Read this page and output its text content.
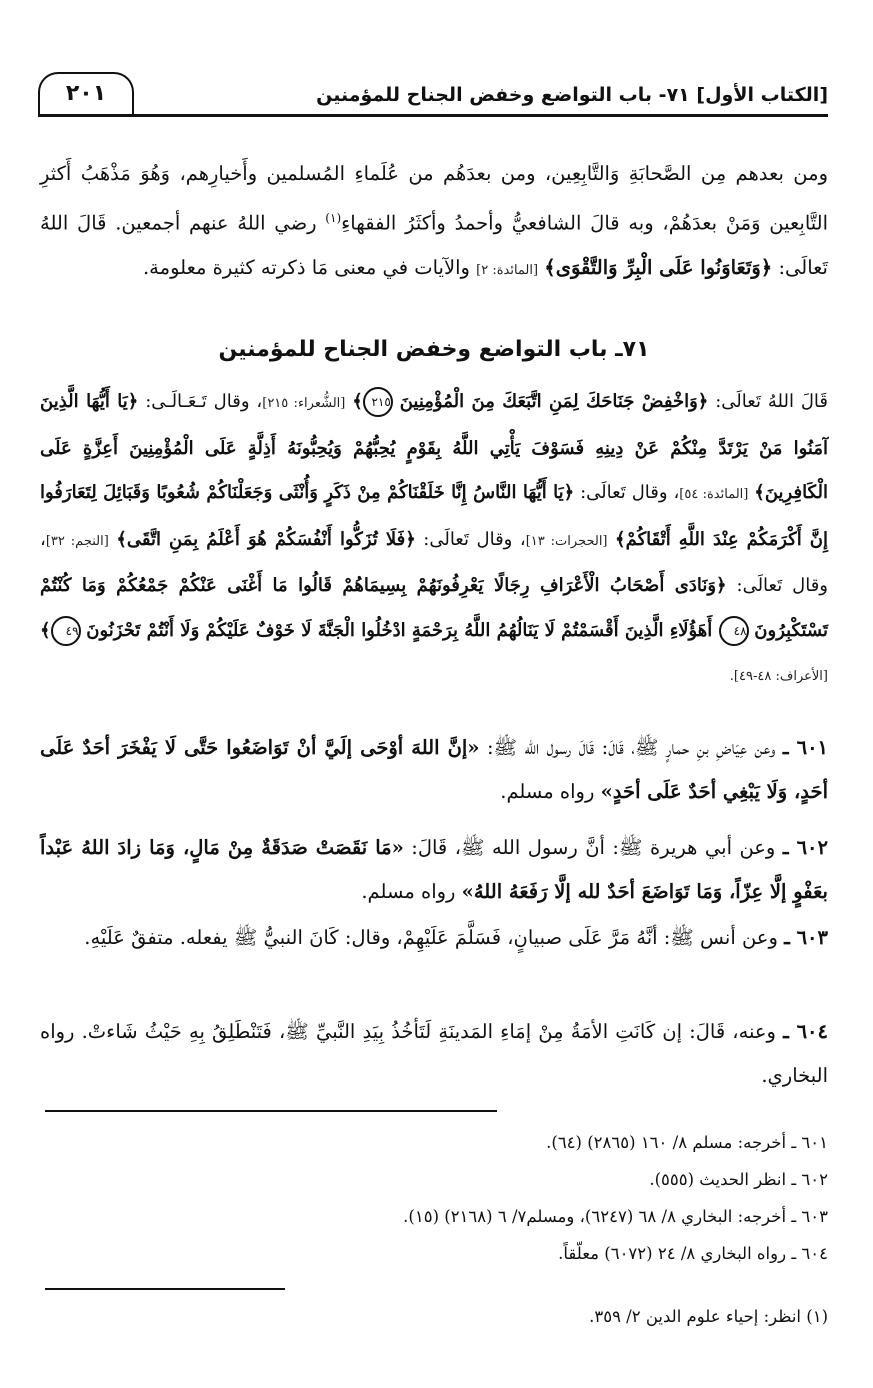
[الكتاب الأول] ٧١- باب التواضع وخفض الجناح للمؤمنين
٢٠١
ومن بعدهم مِن الصَّحابَةِ وَالتَّابِعِين، ومن بعدَهُم من عُلَماءِ المُسلمين وأَخيارِهم، وَهُوَ مَذْهَبُ أَكثرِ التَّابِعين وَمَنْ بعدَهُمْ، وبه قالَ الشافعيُّ وأحمدُ وأكثَرُ الفقهاءِ$^{(١)}$ رضي اللهُ عنهم أجمعين. قَالَ اللهُ تَعالَى: ﴿وَتَعَاوَنُوا عَلَى الْبِرِّ وَالتَّقْوَى﴾ [المائدة: ٢] والآيات في معنى مَا ذكرته كثيرة معلومة.
٧١ـ باب التواضع وخفض الجناح للمؤمنين
قَالَ اللهُ تَعالَى: ﴿وَاخْفِضْ جَنَاحَكَ لِمَنِ اتَّبَعَكَ مِنَ الْمُؤْمِنِينَ ٢١٥﴾ [الشُّعراء: ٢١٥]، وقال تَـعَـالَـى: ﴿يَا أَيُّهَا الَّذِينَ آمَنُوا مَنْ يَرْتَدَّ مِنْكُمْ عَنْ دِينِهِ فَسَوْفَ يَأْتِي اللَّهُ بِقَوْمٍ يُحِبُّهُمْ وَيُحِبُّونَهُ أَذِلَّةٍ عَلَى الْمُؤْمِنِينَ أَعِزَّةٍ عَلَى الْكَافِرِينَ﴾ [المائدة: ٥٤]، وقال تَعالَى: ﴿يَا أَيُّهَا النَّاسُ إِنَّا خَلَقْنَاكُمْ مِنْ ذَكَرٍ وَأُنْثَى وَجَعَلْنَاكُمْ شُعُوبًا وَقَبَائِلَ لِتَعَارَفُوا إِنَّ أَكْرَمَكُمْ عِنْدَ اللَّهِ أَتْقَاكُمْ﴾ [الحجرات: ١٣]، وقال تَعالَى: ﴿فَلَا تُزَكُّوا أَنْفُسَكُمْ هُوَ أَعْلَمُ بِمَنِ اتَّقَى﴾ [النجم: ٣٢]، وقال تَعالَى: ﴿وَنَادَى أَصْحَابُ الْأَعْرَافِ رِجَالًا يَعْرِفُونَهُمْ بِسِيمَاهُمْ قَالُوا مَا أَغْنَى عَنْكُمْ جَمْعُكُمْ وَمَا كُنْتُمْ تَسْتَكْبِرُونَ ٤٨ أَهَؤُلَاءِ الَّذِينَ أَقْسَمْتُمْ لَا يَنَالُهُمُ اللَّهُ بِرَحْمَةٍ ادْخُلُوا الْجَنَّةَ لَا خَوْفٌ عَلَيْكُمْ وَلَا أَنْتُمْ تَحْزَنُونَ ٤٩﴾ [الأعراف: ٤٨-٤٩].
٦٠١ ـ وعن عِيَاضِ بنِ حمارٍ ﷺ، قَالَ: قَالَ رسول الله ﷺ: «إنَّ اللهَ أوْحَى إلَيَّ أنْ تَوَاضَعُوا حَتَّى لَا يَفْخَرَ أحَدٌ عَلَى أحَدٍ، وَلَا يَبْغِي أحَدٌ عَلَى أحَدٍ» رواه مسلم.
٦٠٢ ـ وعن أبي هريرة ﷺ: أنَّ رسول الله ﷺ، قَالَ: «مَا نَقَصَتْ صَدَقَةٌ مِنْ مَالٍ، وَمَا زادَ اللهُ عَبْداً بعَفْوٍ إلَّا عِزّاً، وَمَا تَوَاضَعَ أحَدٌ لله إلَّا رَفَعَهُ اللهُ» رواه مسلم.
٦٠٣ ـ وعن أنس ﷺ: أنَّهُ مَرَّ عَلَى صبيانٍ، فَسَلَّمَ عَلَيْهِمْ، وقال: كَانَ النبيُّ ﷺ يفعله. متفقٌ عَلَيْهِ.
٦٠٤ ـ وعنه، قَالَ: إن كَانَتِ الأمَةُ مِنْ إمَاءِ المَدينَةِ لَتَأخُذُ بِيَدِ النَّبيِّ ﷺ، فَتَنْطَلِقُ بِهِ حَيْثُ شَاءتْ. رواه البخاري.
٦٠١ ـ أخرجه: مسلم ٨/ ١٦٠ (٢٨٦٥) (٦٤).
٦٠٢ ـ انظر الحديث (٥٥٥).
٦٠٣ ـ أخرجه: البخاري ٨/ ٦٨ (٦٢٤٧)، ومسلم٧/ ٦ (٢١٦٨) (١٥).
٦٠٤ ـ رواه البخاري ٨/ ٢٤ (٦٠٧٢) معلّقاً.
(١) انظر: إحياء علوم الدين ٢/ ٣٥٩.
